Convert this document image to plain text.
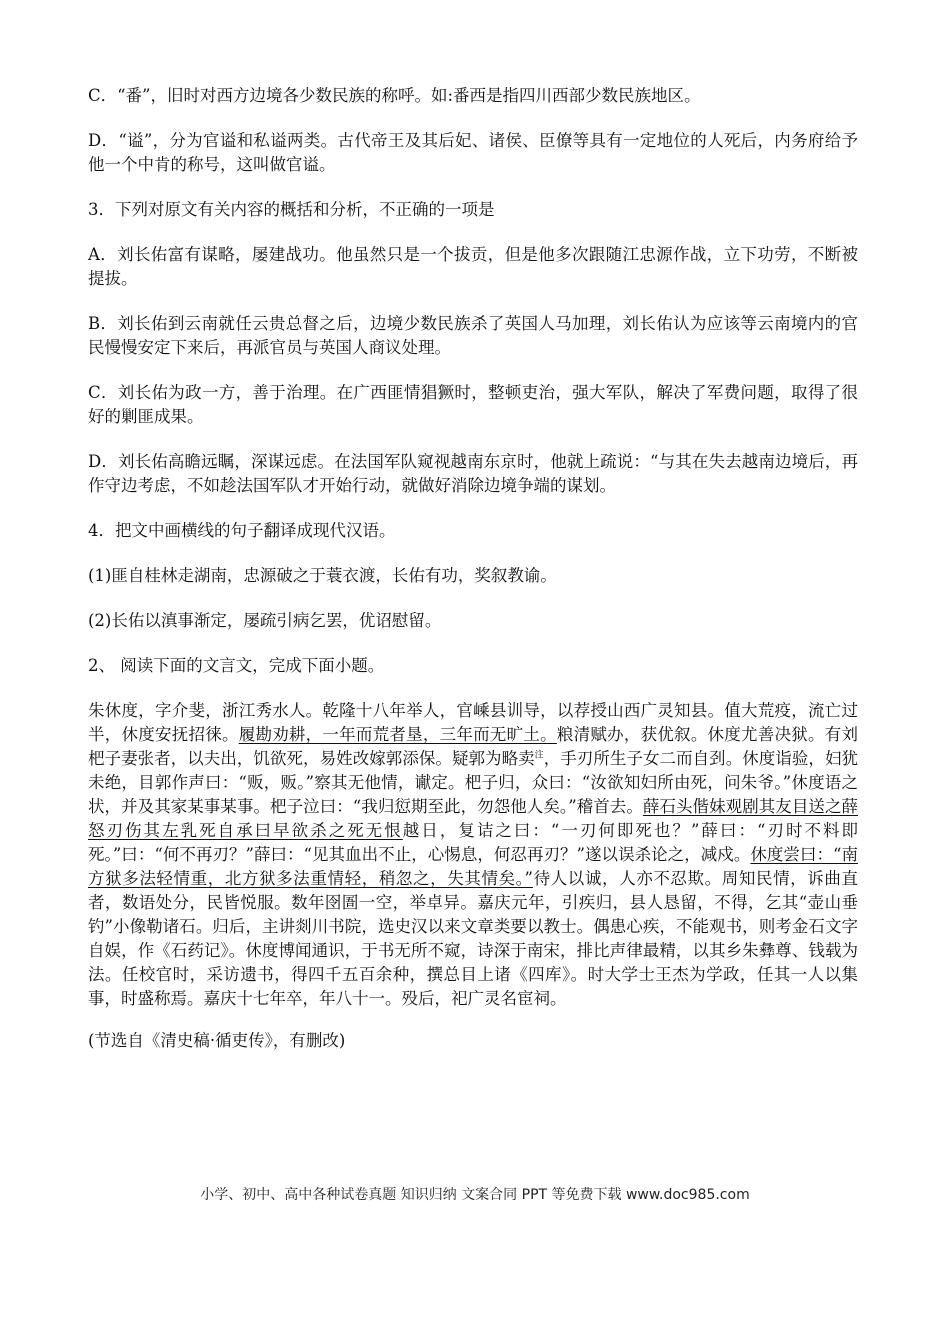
C．“番”，旧时对西方边境各少数民族的称呼。如:番西是指四川西部少数民族地区。

D．“谥”，分为官谥和私谥两类。古代帝王及其后妃、诸侯、臣僚等具有一定地位的人死后，内务府给予他一个中肯的称号，这叫做官谥。

3．下列对原文有关内容的概括和分析，不正确的一项是

A．刘长佑富有谋略，屡建战功。他虽然只是一个拔贡，但是他多次跟随江忠源作战，立下功劳，不断被提拔。

B．刘长佑到云南就任云贵总督之后，边境少数民族杀了英国人马加理，刘长佑认为应该等云南境内的官民慢慢安定下来后，再派官员与英国人商议处理。

C．刘长佑为政一方，善于治理。在广西匪情猖獗时，整顿吏治，强大军队，解决了军费问题，取得了很好的剿匪成果。

D．刘长佑高瞻远瞩，深谋远虑。在法国军队窥视越南东京时，他就上疏说：“与其在失去越南边境后，再作守边考虑，不如趁法国军队才开始行动，就做好消除边境争端的谋划。

4．把文中画横线的句子翻译成现代汉语。

(1)匪自桂林走湖南，忠源破之于蓑衣渡，长佑有功，奖叙教谕。

(2)长佑以滇事渐定，屡疏引病乞罢，优诏慰留。

2、 阅读下面的文言文，完成下面小题。

朱休度，字介斐，浙江秀水人。乾隆十八年举人，官嵊县训导，以荐授山西广灵知县。值大荒疫，流亡过半，休度安抚招徕。履勘劝耕，一年而荒者垦，三年而无旷土。粮清赋办，获优叙。休度尤善决狱。有刘杷子妻张者，以夫出，饥欲死，易姓改嫁郭添保。疑郭为略卖$^注$，手刃所生子女二而自刭。休度诣验，妇犹未绝，目郭作声曰：“贩，贩。”察其无他情，谳定。杷子归，众曰：“汝欲知妇所由死，问朱爷。”休度语之状，并及其家某事某事。杷子泣曰：“我归愆期至此，勿怨他人矣。”稽首去。薛石头偕妹观剧其友目送之薛怒刃伤其左乳死自承曰早欲杀之死无恨越日，复诘之曰：“一刃何即死也？”薛曰：“刃时不料即死。”曰：“何不再刃？”薛曰：“见其血出不止，心惕息，何忍再刃？”遂以误杀论之，减戍。休度尝曰：“南方狱多法轻情重，北方狱多法重情轻，稍忽之，失其情矣。”待人以诚，人亦不忍欺。周知民情，诉曲直者，数语处分，民皆悦服。数年囹圄一空，举卓异。嘉庆元年，引疾归，县人恳留，不得，乞其“壶山垂钓”小像勒诸石。归后，主讲剡川书院，选史汉以来文章类要以教士。偶患心疾，不能观书，则考金石文字自娱，作《石药记》。休度博闻通识，于书无所不窥，诗深于南宋，排比声律最精，以其乡朱彝尊、钱载为法。任校官时，采访遗书，得四千五百余种，撰总目上诸《四库》。时大学士王杰为学政，任其一人以集事，时盛称焉。嘉庆十七年卒，年八十一。殁后，祀广灵名宦祠。

(节选自《清史稿·循吏传》，有删改)

小学、初中、高中各种试卷真题 知识归纳 文案合同 PPT 等免费下载 www.doc985.com
